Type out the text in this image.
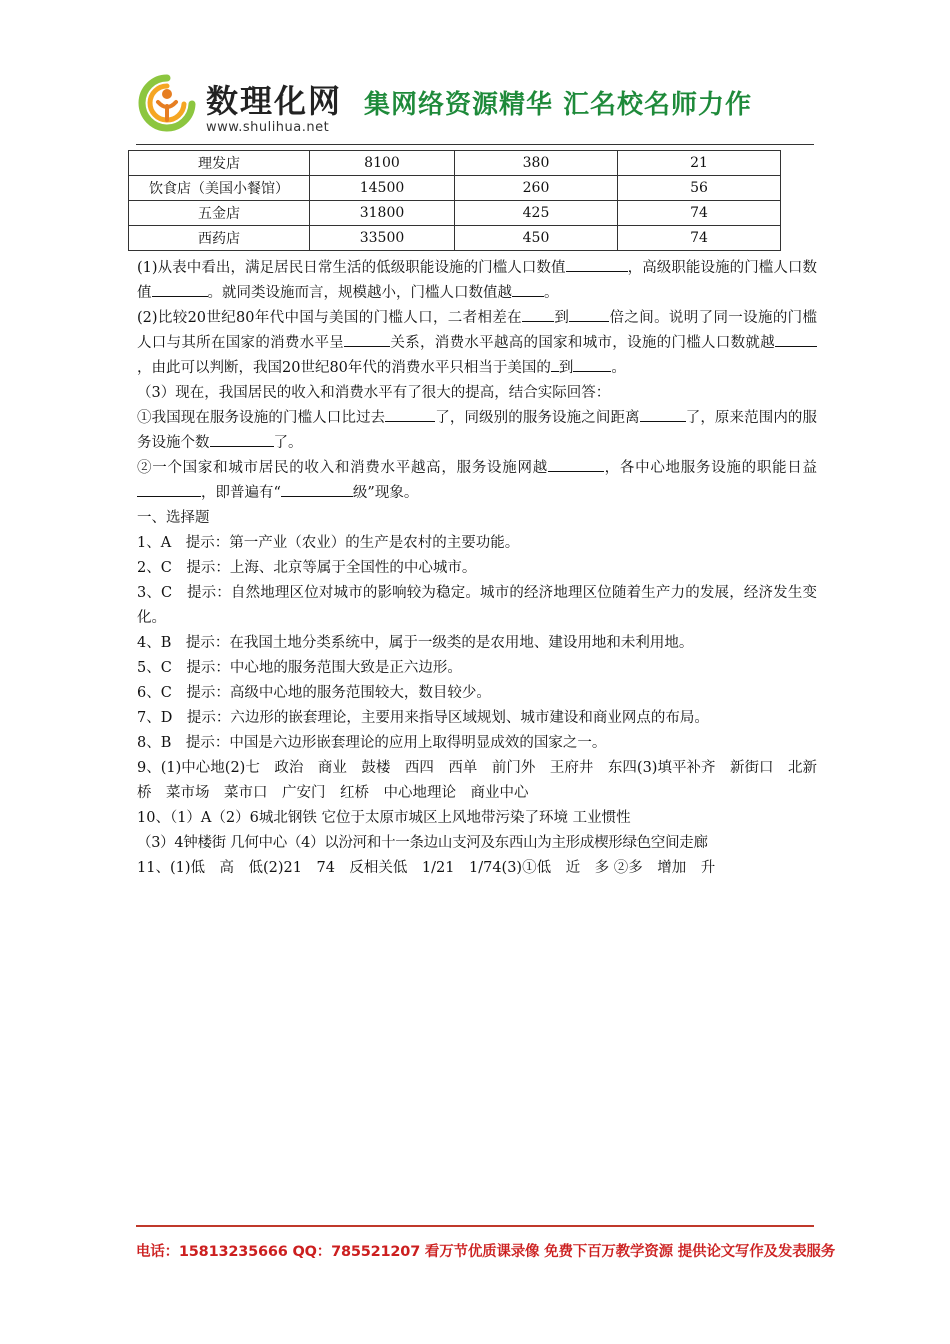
数理化网
www.shulihua.net
集网络资源精华 汇名校名师力作
理发店	8100	380	21
饮食店（美国小餐馆）	14500	260	56
五金店	31800	425	74
西药店	33500	450	74

(1)从表中看出，满足居民日常生活的低级职能设施的门槛人口数值	，高级职能设施的门槛人口数值	。就同类设施而言，规模越小，门槛人口数值越 。

(2)比较20世纪80年代中国与美国的门槛人口，二者相差在 到	倍之间。说明了同一设施的门槛人口与其所在国家的消费水平呈	关系，消费水平越高的国家和城市，设施的门槛人口数就越，由此可以判断，我国20世纪80年代的消费水平只相当于美国的 到	。

（3）现在，我国居民的收入和消费水平有了很大的提高，结合实际回答：

①我国现在服务设施的门槛人口比过去	了，同级别的服务设施之间距离	了，原来范围内的服务设施个数	了。

②一个国家和城市居民的收入和消费水平越高，服务设施网越	，各中心地服务设施的职能日益，即普遍有“	级”现象。

一、选择题

1、A　提示：第一产业（农业）的生产是农村的主要功能。

2、C　提示：上海、北京等属于全国性的中心城市。

3、C　提示：自然地理区位对城市的影响较为稳定。城市的经济地理区位随着生产力的发展，经济发生变化。

4、B　提示：在我国土地分类系统中，属于一级类的是农用地、建设用地和未利用地。

5、C　提示：中心地的服务范围大致是正六边形。

6、C　提示：高级中心地的服务范围较大，数目较少。

7、D　提示：六边形的嵌套理论，主要用来指导区域规划、城市建设和商业网点的布局。

8、B　提示：中国是六边形嵌套理论的应用上取得明显成效的国家之一。

9、(1)中心地(2)七　政治　商业　鼓楼　西四　西单　前门外　王府井　东四(3)填平补齐　新街口　北新桥　菜市场　菜市口　广安门　红桥　中心地理论　商业中心

10、（1）A（2）6城北钢铁 它位于太原市城区上风地带污染了环境 工业惯性

（3）4钟楼街 几何中心（4）以汾河和十一条边山支河及东西山为主形成楔形绿色空间走廊

11、(1)低　高　低(2)21　74　反相关低　1/21　1/74(3)①低　近　多 ②多　增加　升

电话：15813235666 QQ：785521207 看万节优质课录像 免费下百万教学资源 提供论文写作及发表服务
